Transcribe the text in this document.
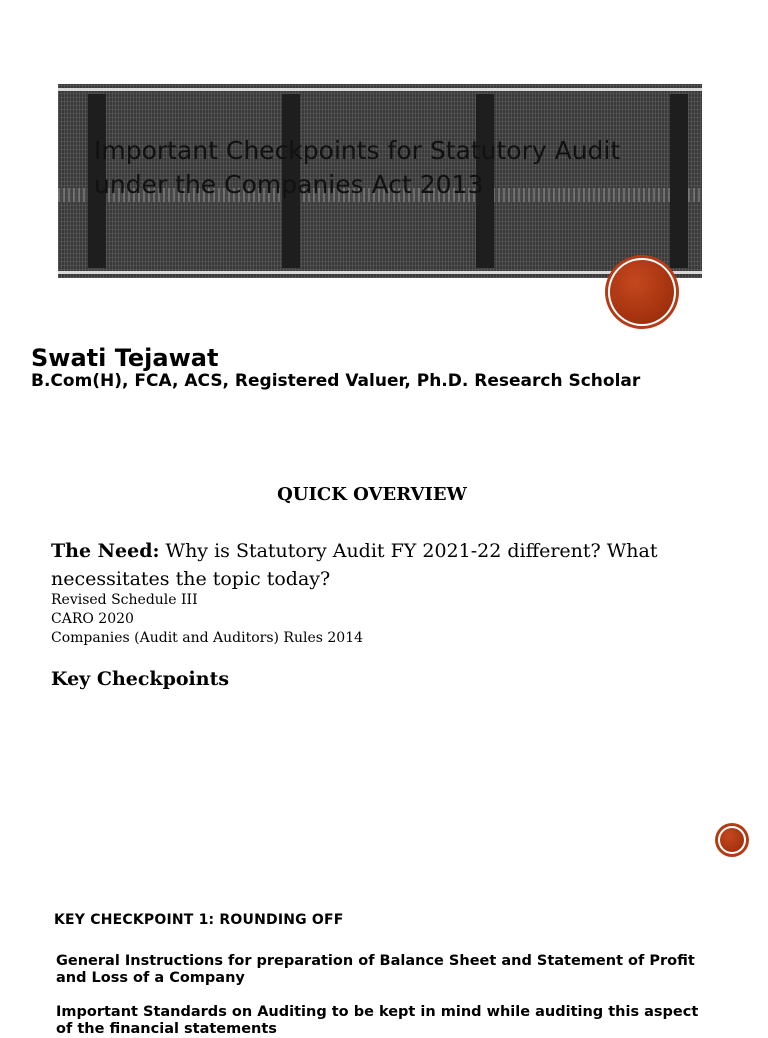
Important Checkpoints for Statutory Audit under the Companies Act 2013
Swati Tejawat
B.Com(H), FCA, ACS, Registered Valuer, Ph.D. Research Scholar
QUICK OVERVIEW
The Need: Why is Statutory Audit FY 2021-22 different? What necessitates the topic today?
Revised Schedule III
CARO 2020
Companies (Audit and Auditors) Rules 2014
Key Checkpoints
KEY CHECKPOINT 1: ROUNDING OFF
General Instructions for preparation of Balance Sheet and Statement of Profit and Loss of a Company
Important Standards on Auditing to be kept in mind while auditing this aspect of the financial statements
